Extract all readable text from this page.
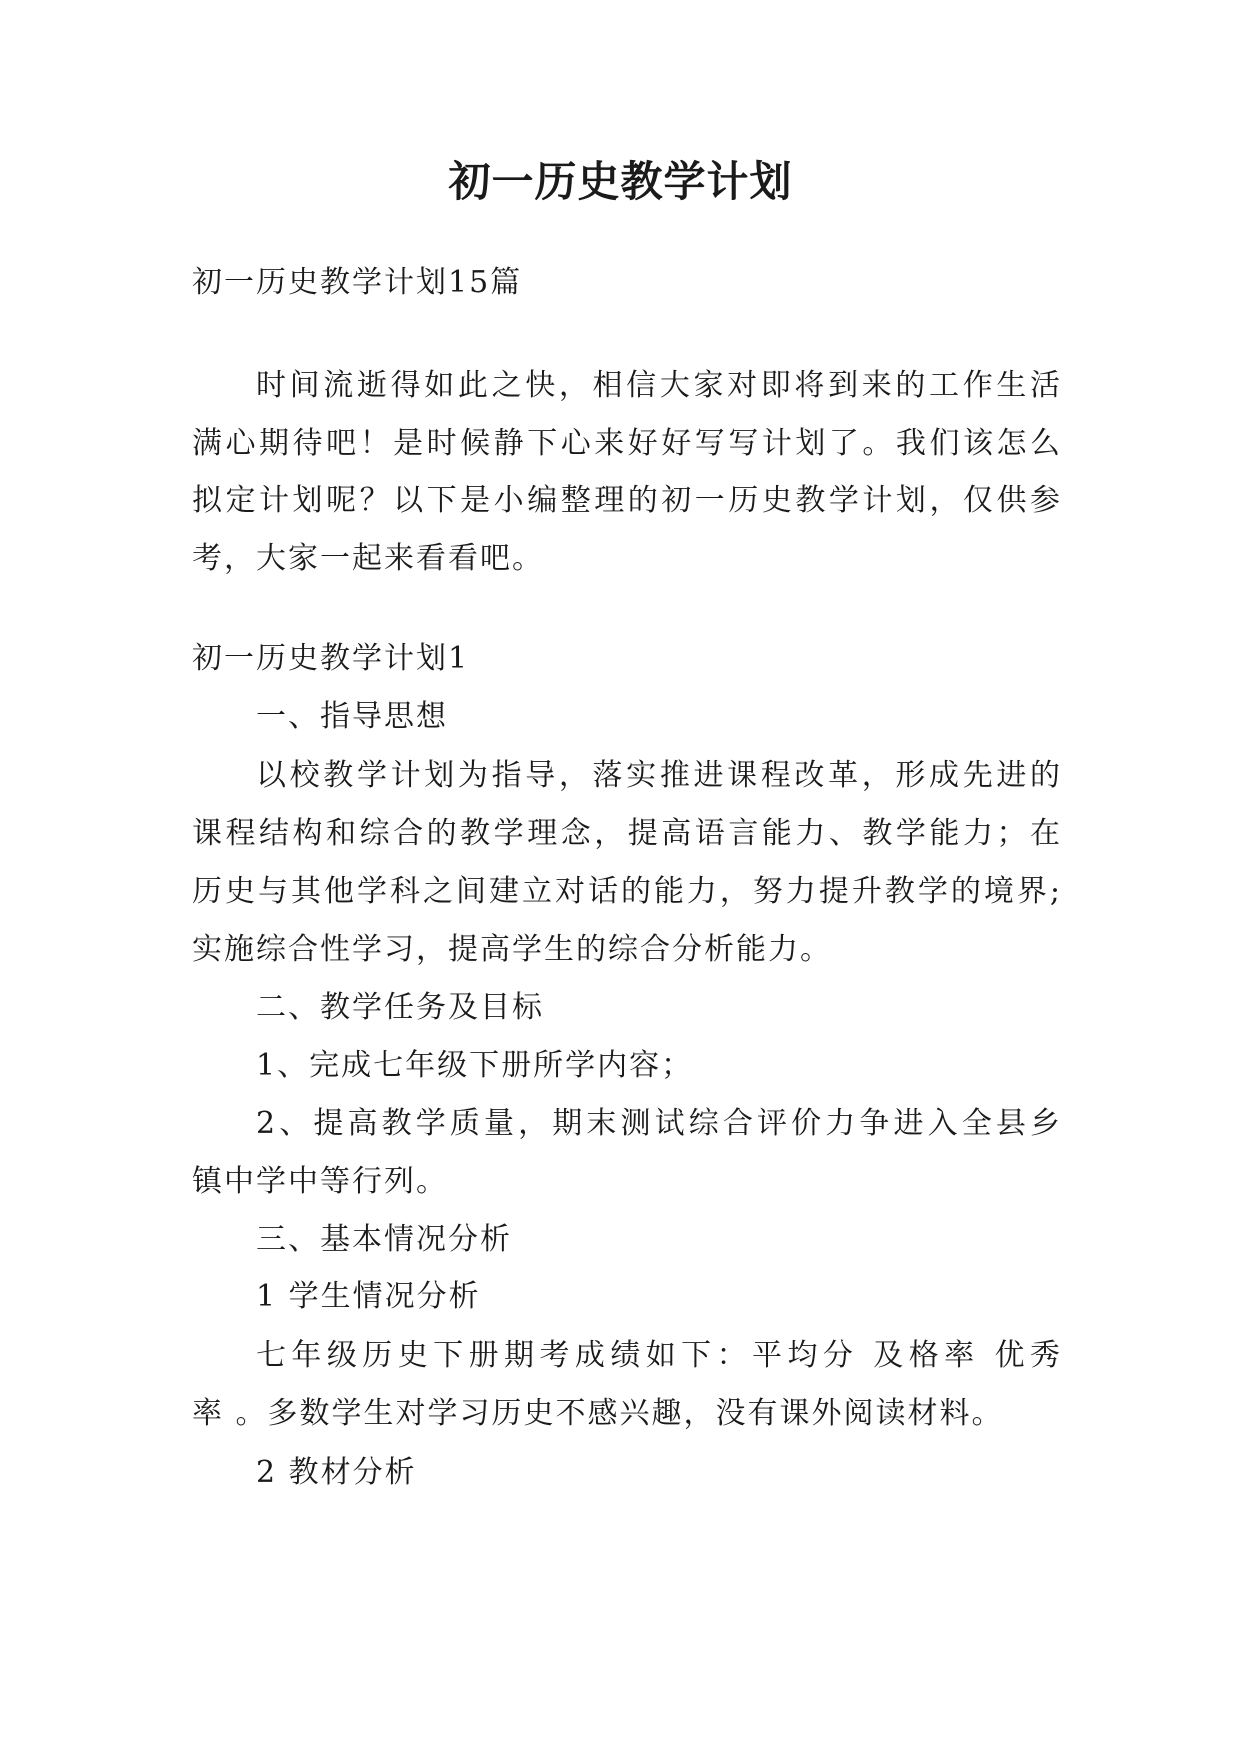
初一历史教学计划
初一历史教学计划15篇
时间流逝得如此之快，相信大家对即将到来的工作生活
满心期待吧！是时候静下心来好好写写计划了。我们该怎么
拟定计划呢？以下是小编整理的初一历史教学计划，仅供参
考，大家一起来看看吧。
初一历史教学计划1
一、指导思想
以校教学计划为指导，落实推进课程改革，形成先进的
课程结构和综合的教学理念，提高语言能力、教学能力；在
历史与其他学科之间建立对话的能力，努力提升教学的境界;
实施综合性学习，提高学生的综合分析能力。
二、教学任务及目标
1、完成七年级下册所学内容；
2、提高教学质量，期末测试综合评价力争进入全县乡
镇中学中等行列。
三、基本情况分析
1 学生情况分析
七年级历史下册期考成绩如下：平均分 及格率 优秀
率 。多数学生对学习历史不感兴趣，没有课外阅读材料。
2 教材分析
